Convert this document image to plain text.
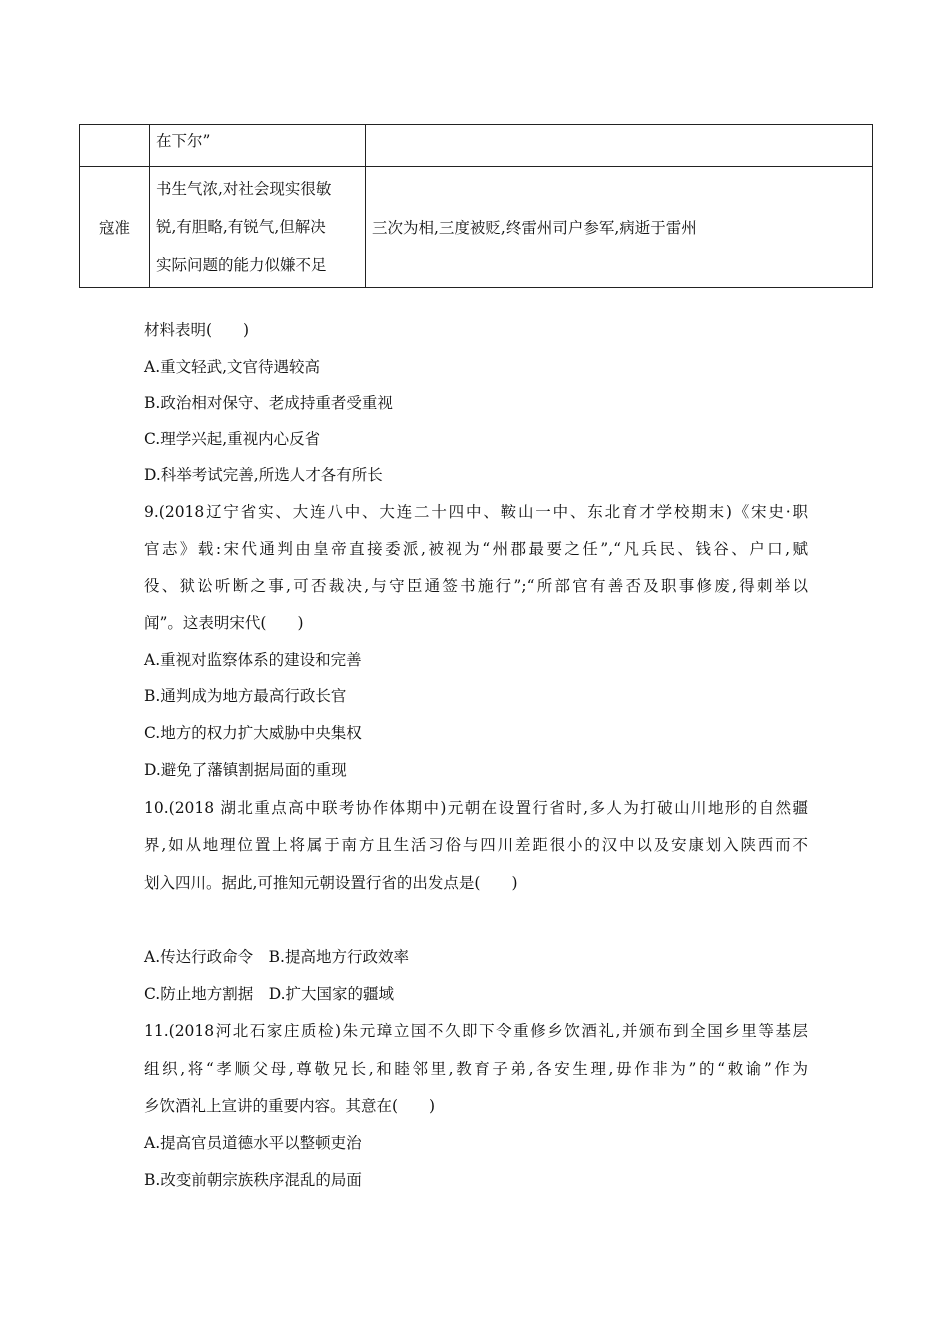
	在下尔”	
寇准	书生气浓,对社会现实很敏
锐,有胆略,有锐气,但解决
实际问题的能力似嫌不足	三次为相,三度被贬,终雷州司户参军,病逝于雷州
材料表明(　　)
A.重文轻武,文官待遇较高
B.政治相对保守、老成持重者受重视
C.理学兴起,重视内心反省
D.科举考试完善,所选人才各有所长
9.(2018辽宁省实、大连八中、大连二十四中、鞍山一中、东北育才学校期末)《宋史·职
官志》载:宋代通判由皇帝直接委派,被视为“州郡最要之任”,“凡兵民、钱谷、户口,赋
役、狱讼听断之事,可否裁决,与守臣通签书施行”;“所部官有善否及职事修废,得刺举以
闻”。这表明宋代(　　)
A.重视对监察体系的建设和完善
B.通判成为地方最高行政长官
C.地方的权力扩大威胁中央集权
D.避免了藩镇割据局面的重现
10.(2018 湖北重点高中联考协作体期中)元朝在设置行省时,多人为打破山川地形的自然疆
界,如从地理位置上将属于南方且生活习俗与四川差距很小的汉中以及安康划入陕西而不
划入四川。据此,可推知元朝设置行省的出发点是(　　)
A.传达行政命令　B.提高地方行政效率
C.防止地方割据　D.扩大国家的疆域
11.(2018河北石家庄质检)朱元璋立国不久即下令重修乡饮酒礼,并颁布到全国乡里等基层
组织,将“孝顺父母,尊敬兄长,和睦邻里,教育子弟,各安生理,毋作非为”的“敕谕”作为
乡饮酒礼上宣讲的重要内容。其意在(　　)
A.提高官员道德水平以整顿吏治
B.改变前朝宗族秩序混乱的局面
